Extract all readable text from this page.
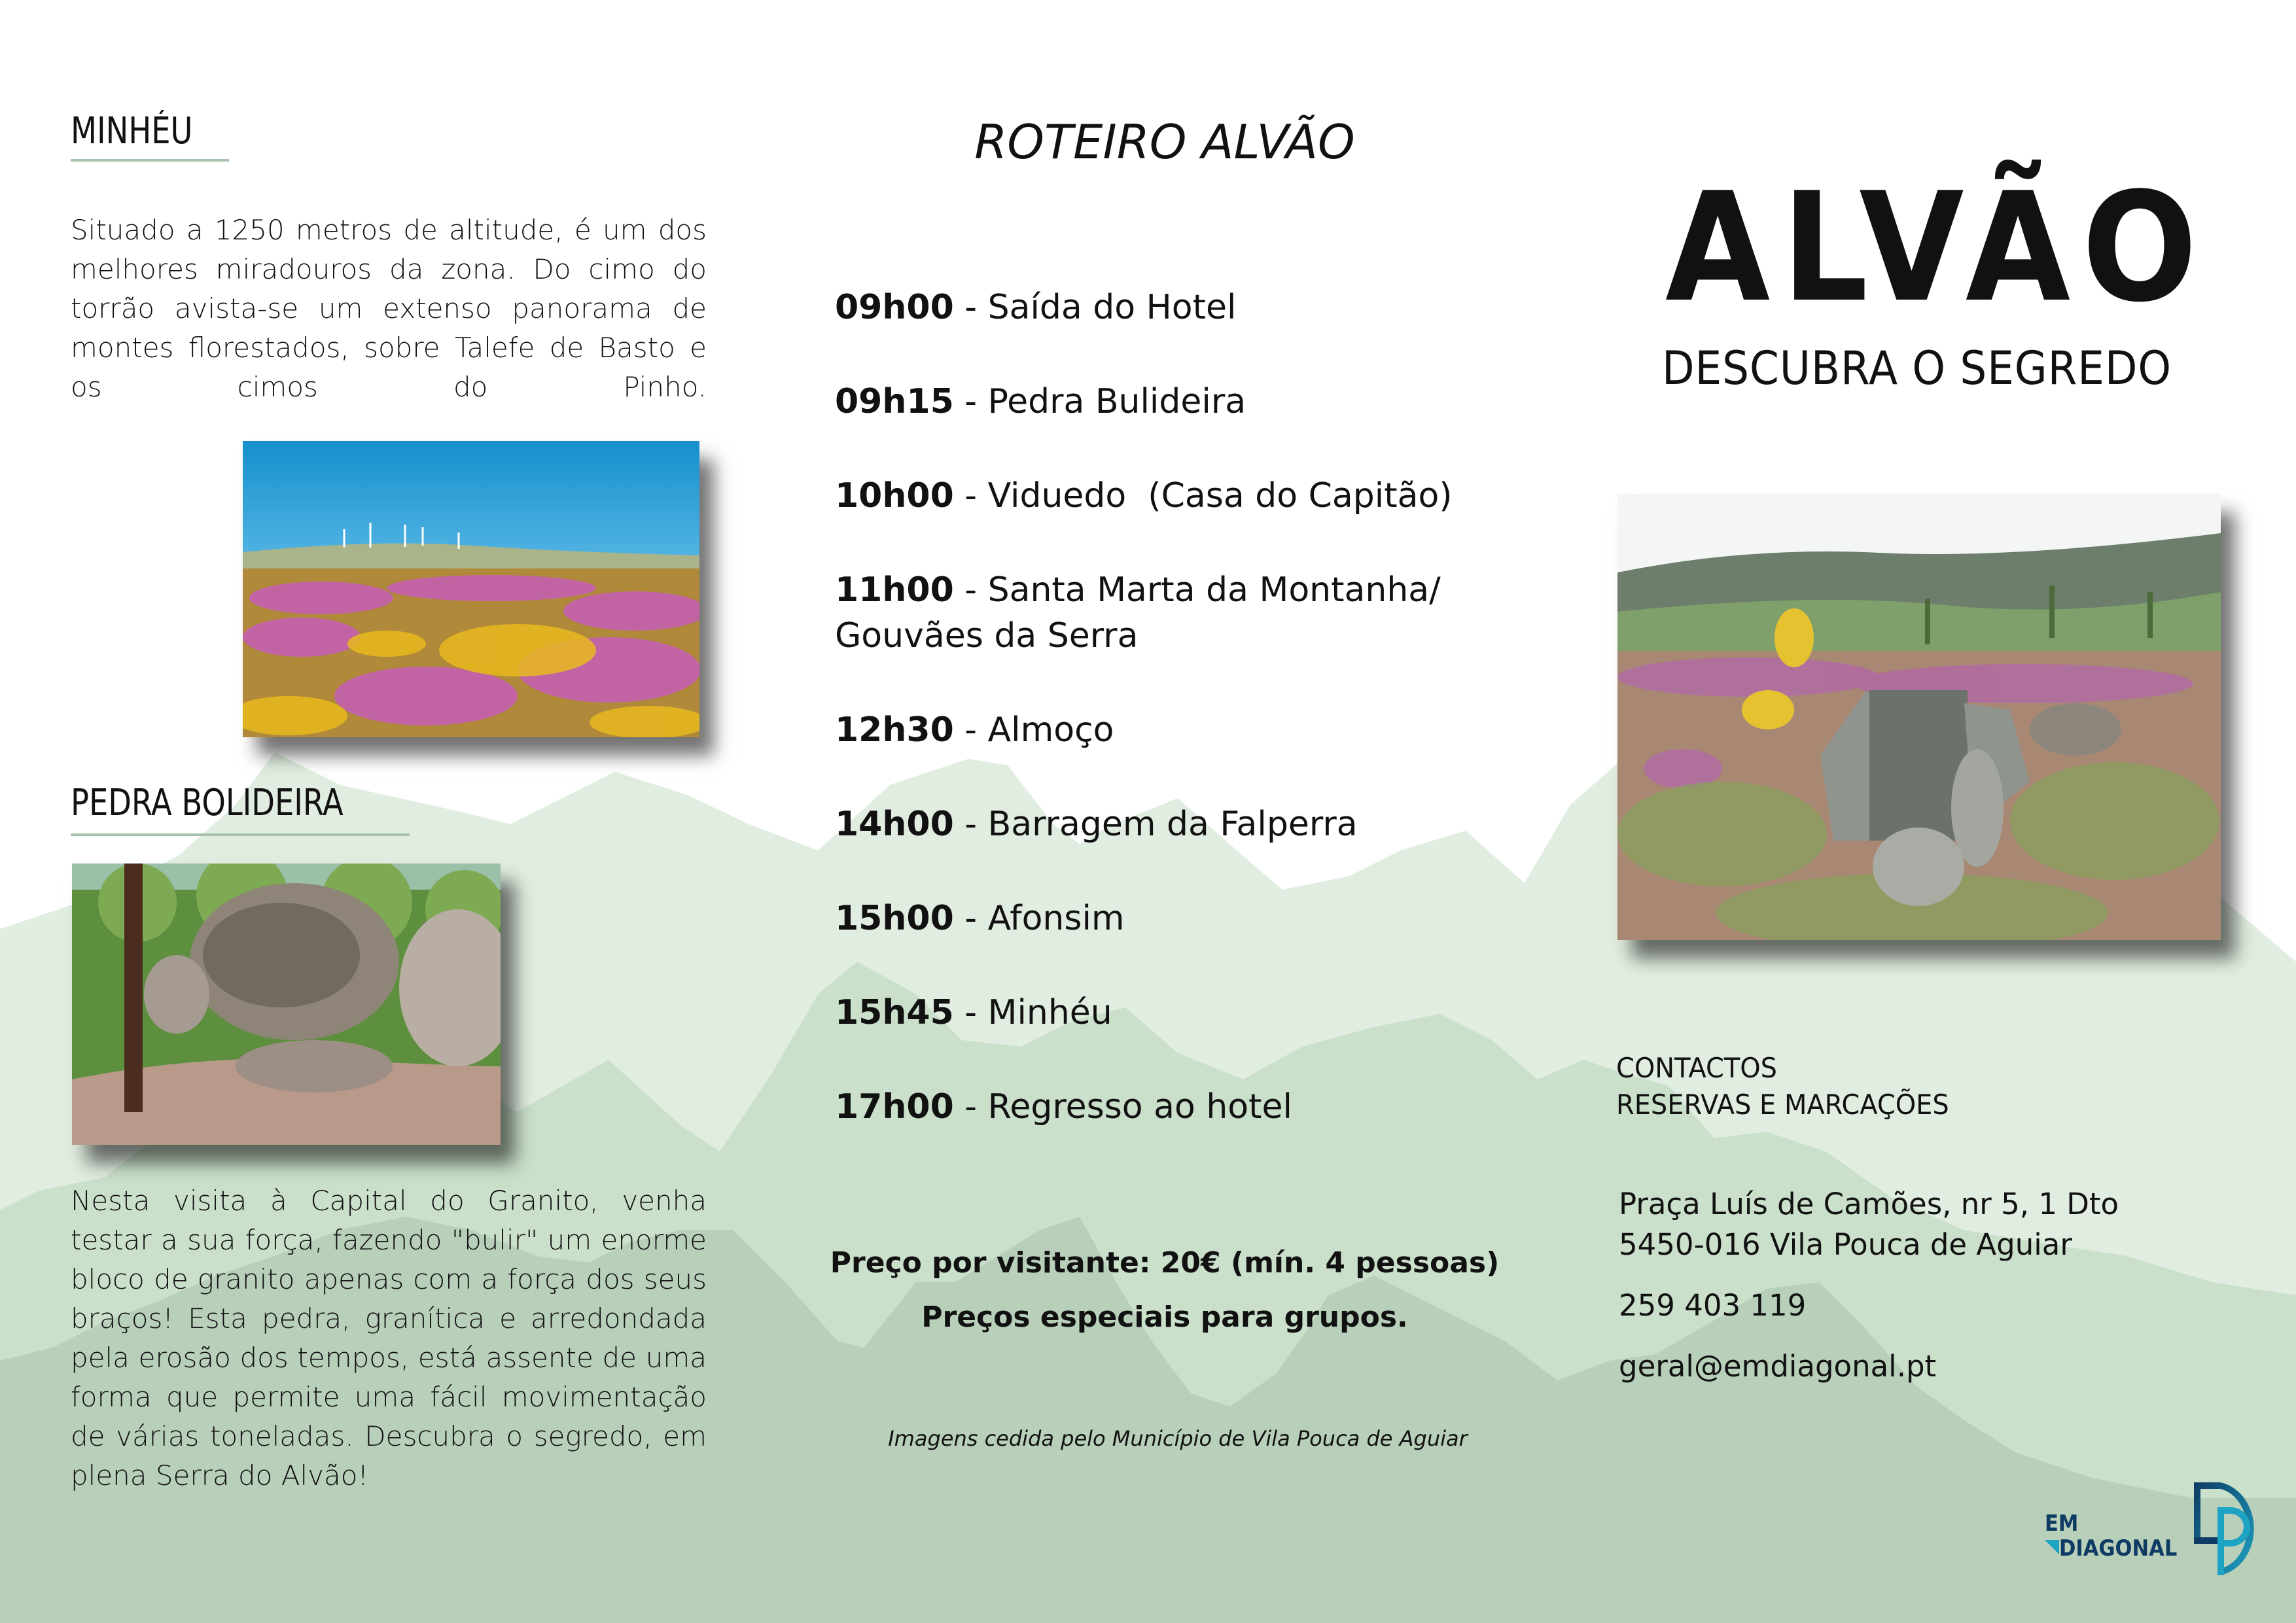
MINHÉU

Situado a 1250 metros de altitude, é um dos melhores miradouros da zona. Do cimo do torrão avista-se um extenso panorama de montes florestados, sobre Talefe de Basto e os cimos do Pinho.

PEDRA BOLIDEIRA

Nesta visita à Capital do Granito, venha testar a sua força, fazendo "bulir" um enorme bloco de granito apenas com a força dos seus braços! Esta pedra, granítica e arredondada pela erosão dos tempos, está assente de uma forma que permite uma fácil movimentação de várias toneladas. Descubra o segredo, em plena Serra do Alvão!

ROTEIRO ALVÃO
09h00 - Saída do Hotel
09h15 - Pedra Bulideira
10h00 - Viduedo  (Casa do Capitão)
11h00 - Santa Marta da Montanha/
Gouvães da Serra
12h30 - Almoço
14h00 - Barragem da Falperra
15h00 - Afonsim
15h45 - Minhéu
17h00 - Regresso ao hotel
Preço por visitante: 20€ (mín. 4 pessoas)
Preços especiais para grupos.
Imagens cedida pelo Município de Vila Pouca de Aguiar
ALVÃO
DESCUBRA O SEGREDO
CONTACTOS
RESERVAS E MARCAÇÕES
Praça Luís de Camões, nr 5, 1 Dto
5450-016 Vila Pouca de Aguiar
259 403 119
geral@emdiagonal.pt
EM
DIAGONAL
